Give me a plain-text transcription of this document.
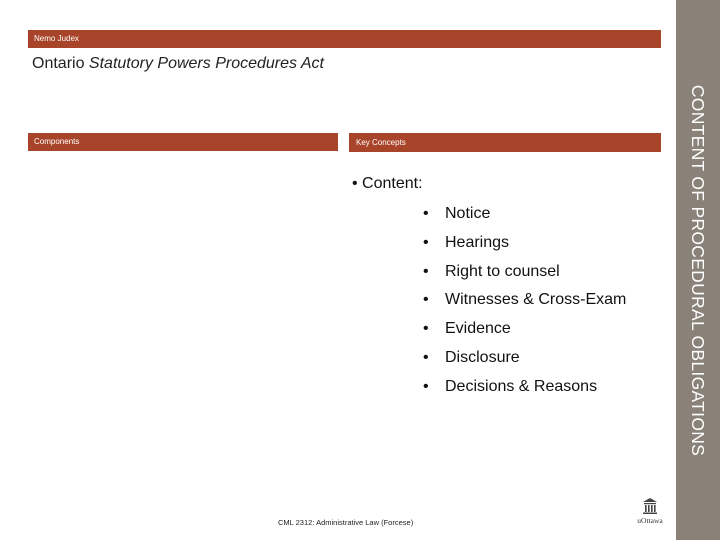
Nemo Judex
Ontario Statutory Powers Procedures Act
Components	Key Concepts
• Content:
• Notice
• Hearings
• Right to counsel
• Witnesses & Cross-Exam
• Evidence
• Disclosure
• Decisions & Reasons
CML 2312: Administrative Law (Forcese)	uOttawa
CONTENT OF PROCEDURAL OBLIGATIONS
